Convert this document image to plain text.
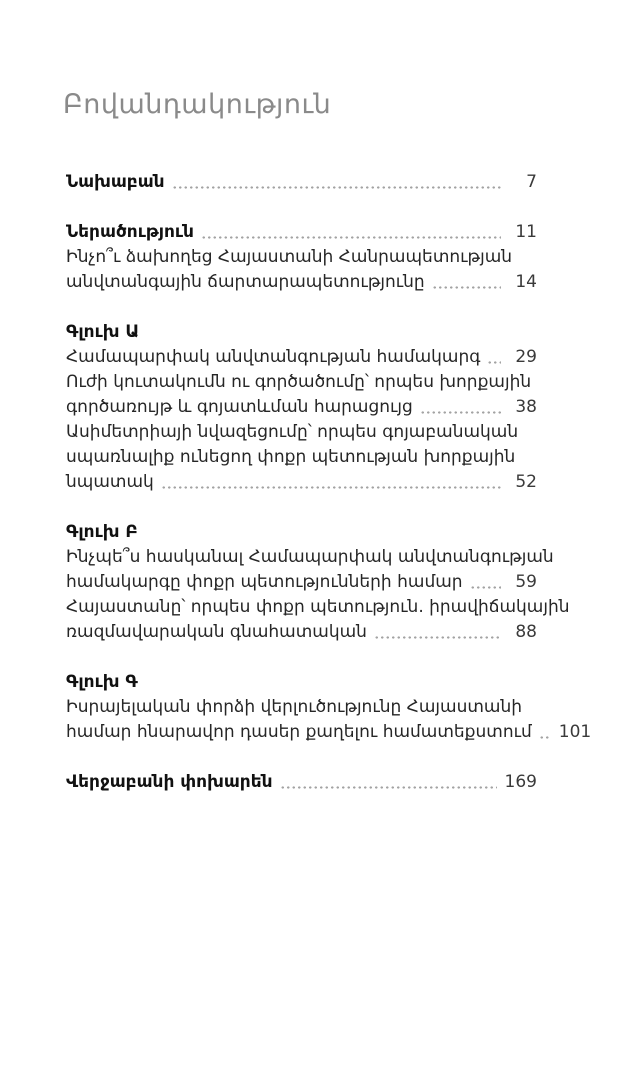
Բովանդակություն
Նախաբան	7
Ներածություն	11
Ինչո՞ւ ձախողեց Հայաստանի Հանրապետության
անվտանգային ճարտարապետությունը	14
Գլուխ Ա
Համապարփակ անվտանգության համակարգ	29
Ուժի կուտակումն ու գործածումը՝ որպես խորքային
գործառույթ և գոյատևման հարացույց	38
Ասիմետրիայի նվազեցումը՝ որպես գոյաբանական
սպառնալիք ունեցող փոքր պետության խորքային
նպատակ	52
Գլուխ Բ
Ինչպե՞ս հասկանալ Համապարփակ անվտանգության
համակարգը փոքր պետությունների համար	59
Հայաստանը՝ որպես փոքր պետություն. իրավիճակային
ռազմավարական գնահատական	88
Գլուխ Գ
Իսրայելական փորձի վերլուծությունը Հայաստանի
համար հնարավոր դասեր քաղելու համատեքստում 101
Վերջաբանի փոխարեն	169
